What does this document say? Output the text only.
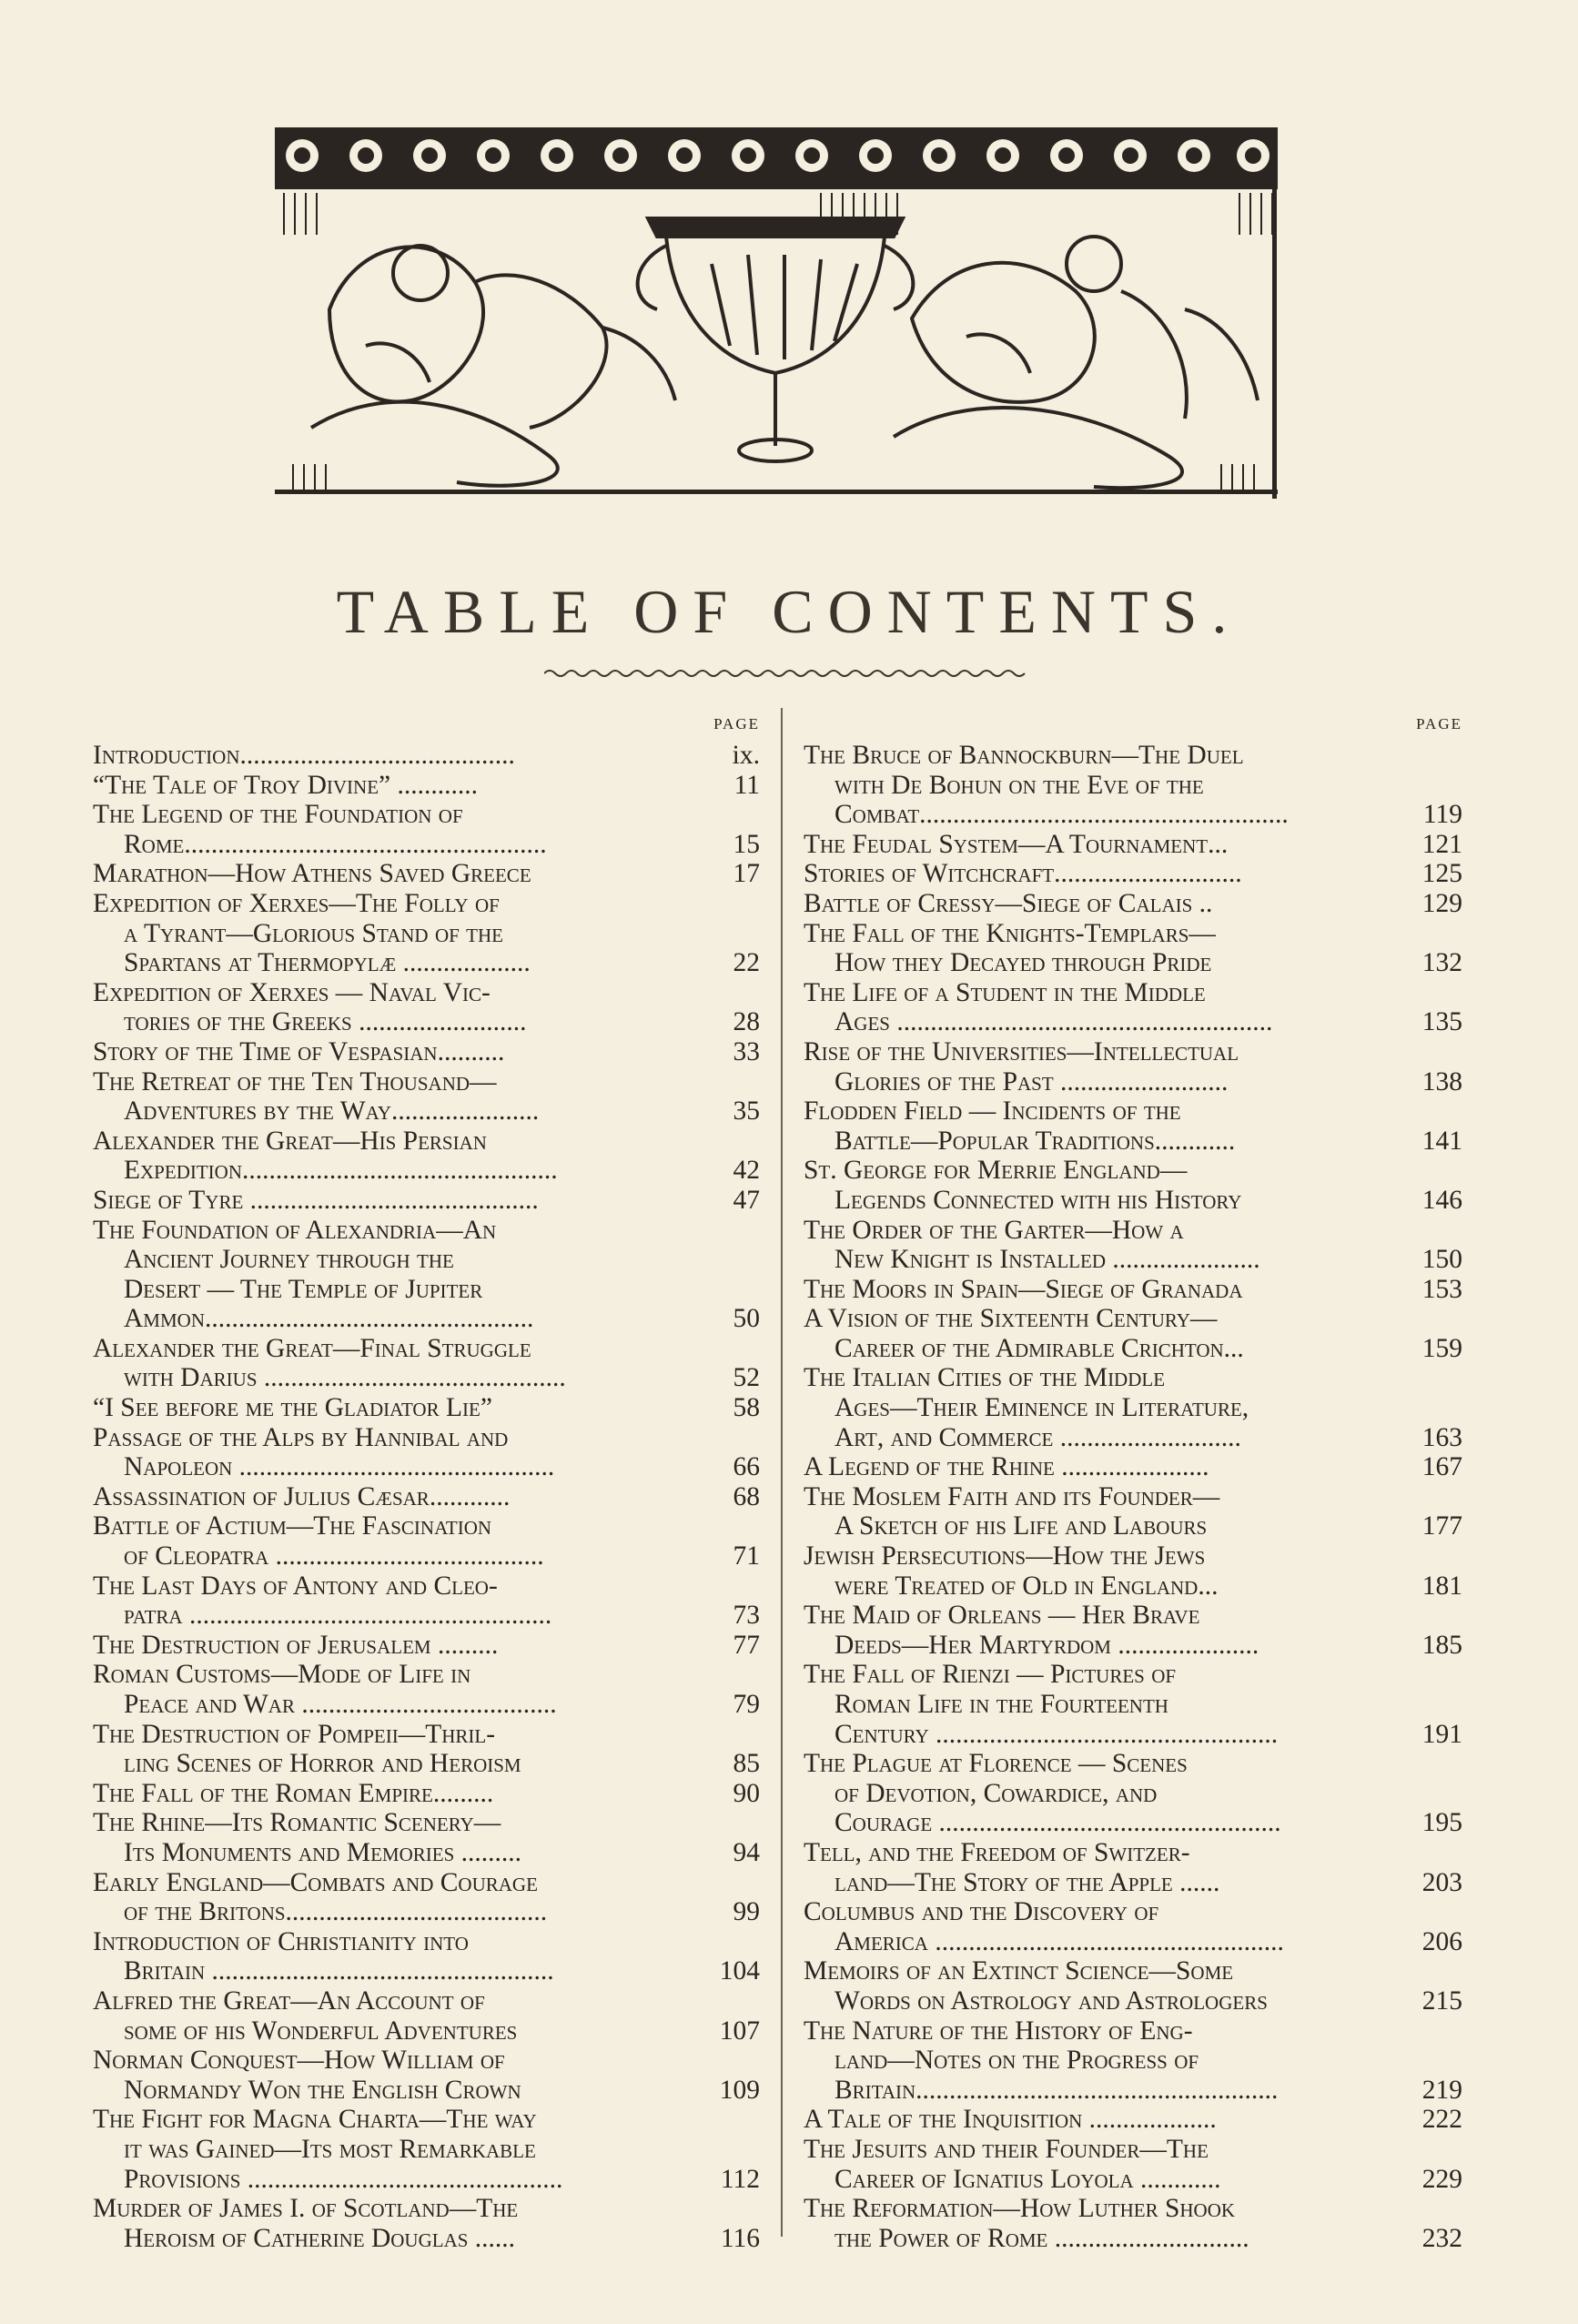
TABLE OF CONTENTS.
PAGE
Introduction.........................................	ix.
“The Tale of Troy Divine” ............	11
The Legend of the Foundation of
Rome......................................................	15
Marathon—How Athens Saved Greece	17
Expedition of Xerxes—The Folly of
a Tyrant—Glorious Stand of the
Spartans at Thermopylæ ...................	22
Expedition of Xerxes — Naval Vic-
tories of the Greeks .........................	28
Story of the Time of Vespasian..........	33
The Retreat of the Ten Thousand—
Adventures by the Way......................	35
Alexander the Great—His Persian
Expedition...............................................	42
Siege of Tyre ...........................................	47
The Foundation of Alexandria—An
Ancient Journey through the
Desert — The Temple of Jupiter
Ammon.................................................	50
Alexander the Great—Final Struggle
with Darius .............................................	52
“I See before me the Gladiator Lie”	58
Passage of the Alps by Hannibal and
Napoleon ...............................................	66
Assassination of Julius Cæsar............	68
Battle of Actium—The Fascination
of Cleopatra ........................................	71
The Last Days of Antony and Cleo-
patra ......................................................	73
The Destruction of Jerusalem .........	77
Roman Customs—Mode of Life in
Peace and War ......................................	79
The Destruction of Pompeii—Thril-
ling Scenes of Horror and Heroism	85
The Fall of the Roman Empire.........	90
The Rhine—Its Romantic Scenery—
Its Monuments and Memories .........	94
Early England—Combats and Courage
of the Britons.......................................	99
Introduction of Christianity into
Britain ...................................................	104
Alfred the Great—An Account of
some of his Wonderful Adventures	107
Norman Conquest—How William of
Normandy Won the English Crown	109
The Fight for Magna Charta—The way
it was Gained—Its most Remarkable
Provisions ...............................................	112
Murder of James I. of Scotland—The
Heroism of Catherine Douglas ......	116
PAGE
The Bruce of Bannockburn—The Duel
with De Bohun on the Eve of the
Combat.......................................................	119
The Feudal System—A Tournament...	121
Stories of Witchcraft............................	125
Battle of Cressy—Siege of Calais ..	129
The Fall of the Knights-Templars—
How they Decayed through Pride	132
The Life of a Student in the Middle
Ages ........................................................	135
Rise of the Universities—Intellectual
Glories of the Past .........................	138
Flodden Field — Incidents of the
Battle—Popular Traditions............	141
St. George for Merrie England—
Legends Connected with his History	146
The Order of the Garter—How a
New Knight is Installed ......................	150
The Moors in Spain—Siege of Granada	153
A Vision of the Sixteenth Century—
Career of the Admirable Crichton...	159
The Italian Cities of the Middle
Ages—Their Eminence in Literature,
Art, and Commerce ...........................	163
A Legend of the Rhine ......................	167
The Moslem Faith and its Founder—
A Sketch of his Life and Labours	177
Jewish Persecutions—How the Jews
were Treated of Old in England...	181
The Maid of Orleans — Her Brave
Deeds—Her Martyrdom .....................	185
The Fall of Rienzi — Pictures of
Roman Life in the Fourteenth
Century ...................................................	191
The Plague at Florence — Scenes
of Devotion, Cowardice, and
Courage ...................................................	195
Tell, and the Freedom of Switzer-
land—The Story of the Apple ......	203
Columbus and the Discovery of
America ....................................................	206
Memoirs of an Extinct Science—Some
Words on Astrology and Astrologers	215
The Nature of the History of Eng-
land—Notes on the Progress of
Britain......................................................	219
A Tale of the Inquisition ...................	222
The Jesuits and their Founder—The
Career of Ignatius Loyola ............	229
The Reformation—How Luther Shook
the Power of Rome .............................	232
